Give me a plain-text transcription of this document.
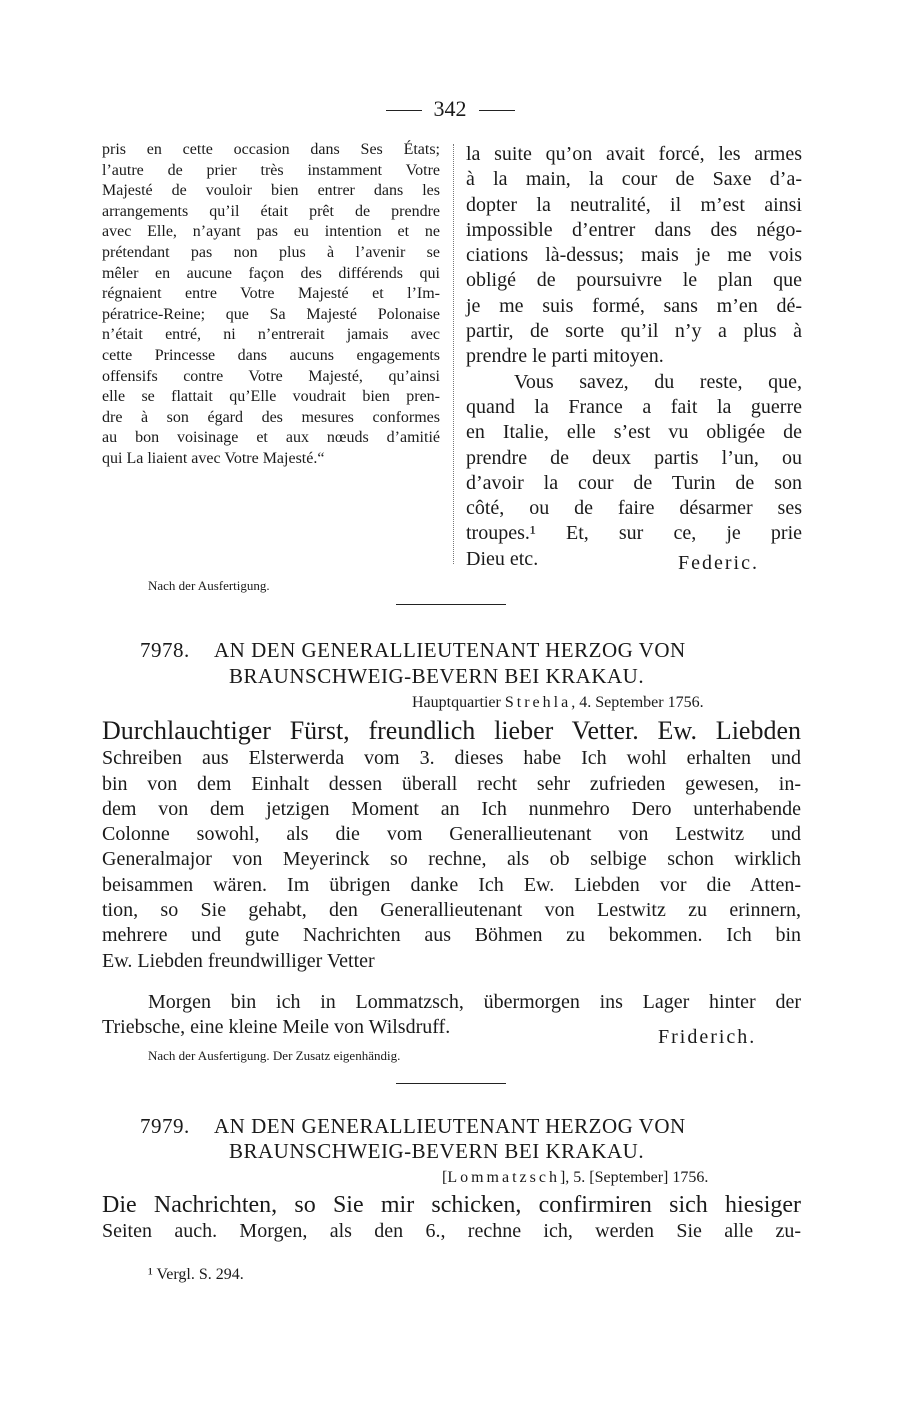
342
pris en cette occasion dans Ses États;
l’autre de prier très instamment Votre
Majesté de vouloir bien entrer dans les
arrangements qu’il était prêt de prendre
avec Elle, n’ayant pas eu intention et ne
prétendant pas non plus à l’avenir se
mêler en aucune façon des différends qui
régnaient entre Votre Majesté et l’Im-
pératrice-Reine; que Sa Majesté Polonaise
n’était entré, ni n’entrerait jamais avec
cette Princesse dans aucuns engagements
offensifs contre Votre Majesté, qu’ainsi
elle se flattait qu’Elle voudrait bien pren-
dre à son égard des mesures conformes
au bon voisinage et aux nœuds d’amitié
qui La liaient avec Votre Majesté.“
la suite qu’on avait forcé, les armes
à la main, la cour de Saxe d’a-
dopter la neutralité, il m’est ainsi
impossible d’entrer dans des négo-
ciations là-dessus; mais je me vois
obligé de poursuivre le plan que
je me suis formé, sans m’en dé-
partir, de sorte qu’il n’y a plus à
prendre le parti mitoyen.
Vous savez, du reste, que,
quand la France a fait la guerre
en Italie, elle s’est vu obligée de
prendre de deux partis l’un, ou
d’avoir la cour de Turin de son
côté, ou de faire désarmer ses
troupes.¹ Et, sur ce, je prie
Dieu etc.	Federic.
Nach der Ausfertigung.
7978. AN DEN GENERALLIEUTENANT HERZOG VON
BRAUNSCHWEIG-BEVERN BEI KRAKAU.
Hauptquartier Strehla, 4. September 1756.
Durchlauchtiger Fürst, freundlich lieber Vetter. Ew. Liebden
Schreiben aus Elsterwerda vom 3. dieses habe Ich wohl erhalten und
bin von dem Einhalt dessen überall recht sehr zufrieden gewesen, in-
dem von dem jetzigen Moment an Ich nunmehro Dero unterhabende
Colonne sowohl, als die vom Generallieutenant von Lestwitz und
Generalmajor von Meyerinck so rechne, als ob selbige schon wirklich
beisammen wären. Im übrigen danke Ich Ew. Liebden vor die Atten-
tion, so Sie gehabt, den Generallieutenant von Lestwitz zu erinnern,
mehrere und gute Nachrichten aus Böhmen zu bekommen. Ich bin
Ew. Liebden freundwilliger Vetter
Morgen bin ich in Lommatzsch, übermorgen ins Lager hinter der
Triebsche, eine kleine Meile von Wilsdruff.	Friderich.
Nach der Ausfertigung. Der Zusatz eigenhändig.
7979. AN DEN GENERALLIEUTENANT HERZOG VON
BRAUNSCHWEIG-BEVERN BEI KRAKAU.
[Lommatzsch], 5. [September] 1756.
Die Nachrichten, so Sie mir schicken, confirmiren sich hiesiger
Seiten auch. Morgen, als den 6., rechne ich, werden Sie alle zu-
¹ Vergl. S. 294.
